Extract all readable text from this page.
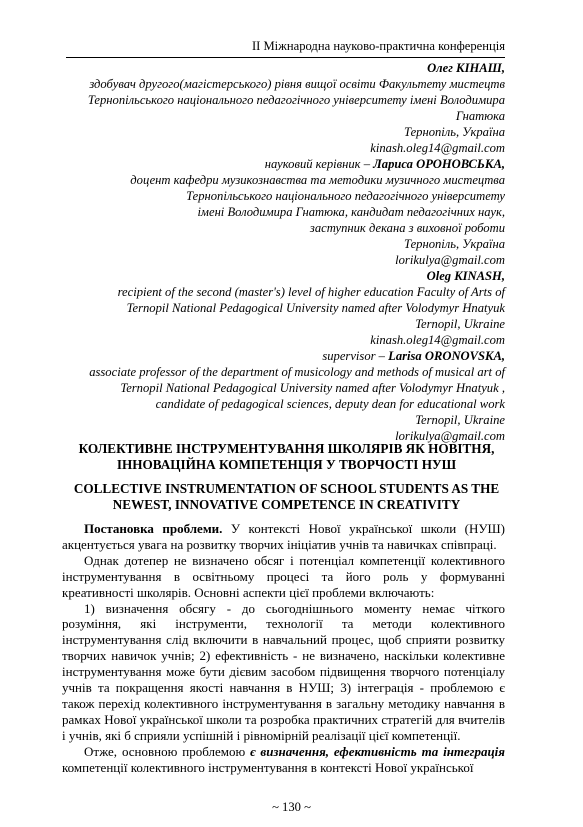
ІІ Міжнародна науково-практична конференція
Олег КІНАШ,
здобувач другого(магістерського) рівня вищої освіти Факультету мистецтв
Тернопільського національного педагогічного університету імені Володимира
Гнатюка
Тернопіль, Україна
kinash.oleg14@gmail.com
науковий керівник – Лариса ОРОНОВСЬКА,
доцент кафедри музикознавства та методики музичного мистецтва
Тернопільського національного педагогічного університету
імені Володимира Гнатюка, кандидат педагогічних наук,
заступник декана з виховної роботи
Тернопіль, Україна
lorikulya@gmail.com
Oleg KINASH,
recipient of the second (master's) level of higher education Faculty of Arts of
Ternopil National Pedagogical University named after Volodymyr Hnatyuk
Ternopil, Ukraine
kinash.oleg14@gmail.com
supervisor – Larisa ORONOVSKA,
associate professor of the department of musicology and methods of musical art of
Ternopil National Pedagogical University named after Volodymyr Hnatyuk ,
candidate of pedagogical sciences, deputy dean for educational work
Ternopil, Ukraine
lorikulya@gmail.com
КОЛЕКТИВНЕ ІНСТРУМЕНТУВАННЯ ШКОЛЯРІВ ЯК НОВІТНЯ, ІННОВАЦІЙНА КОМПЕТЕНЦІЯ У ТВОРЧОСТІ НУШ
COLLECTIVE INSTRUMENTATION OF SCHOOL STUDENTS AS THE NEWEST, INNOVATIVE COMPETENCE IN CREATIVITY

Постановка проблеми. У контексті Нової української школи (НУШ) акцентується увага на розвитку творчих ініціатив учнів та навичках співпраці.

Однак дотепер не визначено обсяг і потенціал компетенції колективного інструментування в освітньому процесі та його роль у формуванні креативності школярів. Основні аспекти цієї проблеми включають:

1) визначення обсягу - до сьогоднішнього моменту немає чіткого розуміння, які інструменти, технології та методи колективного інструментування слід включити в навчальний процес, щоб сприяти розвитку творчих навичок учнів; 2) ефективність - не визначено, наскільки колективне інструментування може бути дієвим засобом підвищення творчого потенціалу учнів та покращення якості навчання в НУШ; 3) інтеграція - проблемою є також перехід колективного інструментування в загальну методику навчання в рамках Нової української школи та розробка практичних стратегій для вчителів і учнів, які б сприяли успішній і рівномірній реалізації цієї компетенції.

Отже, основною проблемою є визначення, ефективність та інтеграція компетенції колективного інструментування в контексті Нової української

~ 130 ~
